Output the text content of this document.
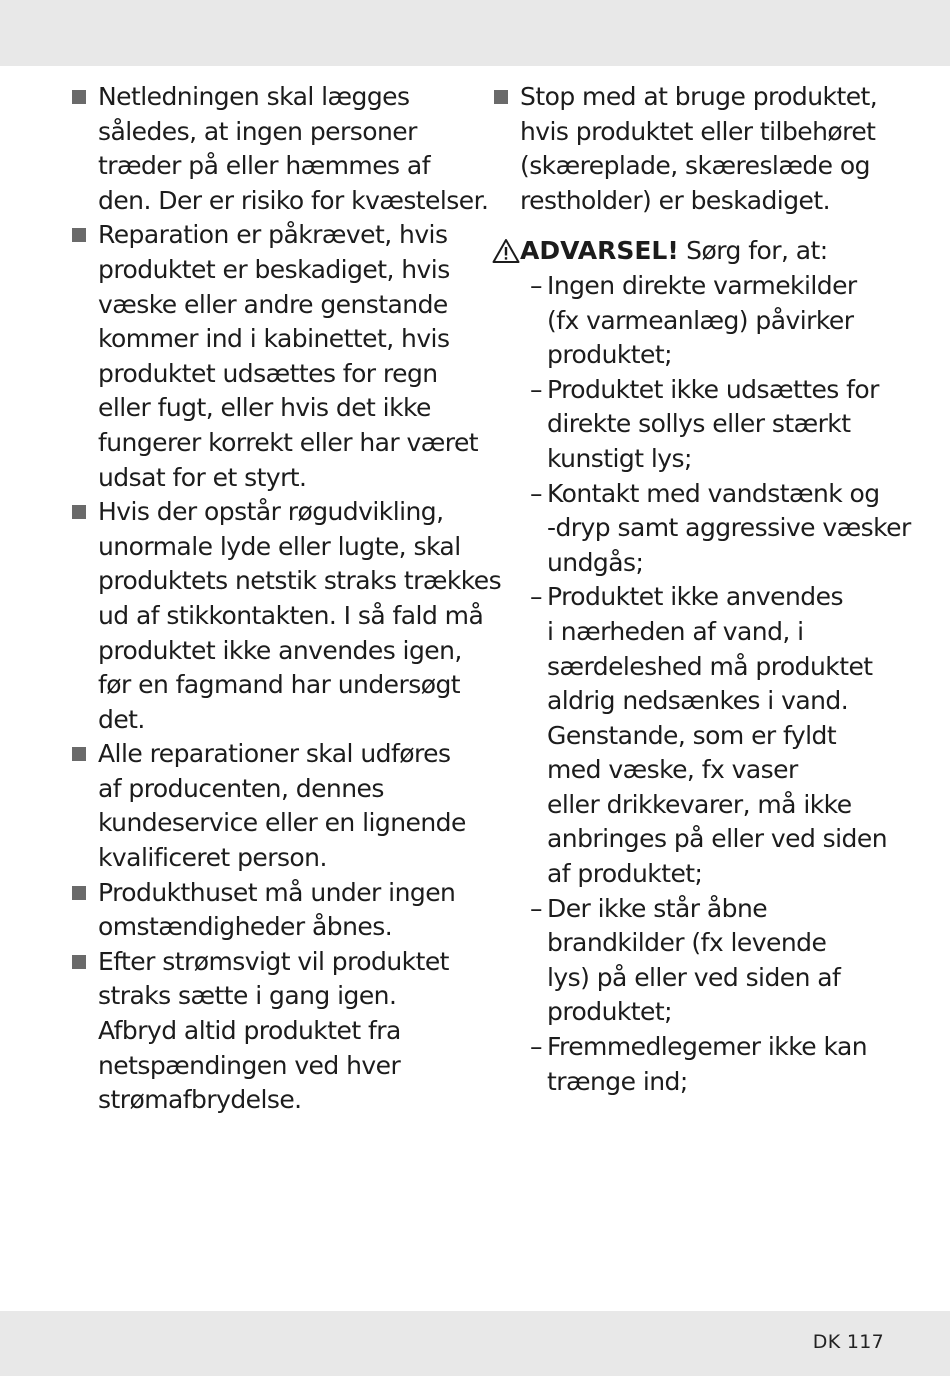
Netledningen skal lægges
således, at ingen personer
træder på eller hæmmes af
den. Der er risiko for kvæstelser.
Reparation er påkrævet, hvis
produktet er beskadiget, hvis
væske eller andre genstande
kommer ind i kabinettet, hvis
produktet udsættes for regn
eller fugt, eller hvis det ikke
fungerer korrekt eller har været
udsat for et styrt.
Hvis der opstår røgudvikling,
unormale lyde eller lugte, skal
produktets netstik straks trækkes
ud af stikkontakten. I så fald må
produktet ikke anvendes igen,
før en fagmand har undersøgt
det.
Alle reparationer skal udføres
af producenten, dennes
kundeservice eller en lignende
kvalificeret person.
Produkthuset må under ingen
omstændigheder åbnes.
Efter strømsvigt vil produktet
straks sætte i gang igen.
Afbryd altid produktet fra
netspændingen ved hver
strømafbrydelse.
Stop med at bruge produktet,
hvis produktet eller tilbehøret
(skæreplade, skæreslæde og
restholder) er beskadiget.
ADVARSEL! Sørg for, at:
– Ingen direkte varmekilder
(fx varmeanlæg) påvirker
produktet;
– Produktet ikke udsættes for
direkte sollys eller stærkt
kunstigt lys;
– Kontakt med vandstænk og
-dryp samt aggressive væsker
undgås;
– Produktet ikke anvendes
i nærheden af vand, i
særdeleshed må produktet
aldrig nedsænkes i vand.
Genstande, som er fyldt
med væske, fx vaser
eller drikkevarer, må ikke
anbringes på eller ved siden
af produktet;
– Der ikke står åbne
brandkilder (fx levende
lys) på eller ved siden af
produktet;
– Fremmedlegemer ikke kan
trænge ind;
DK 117
